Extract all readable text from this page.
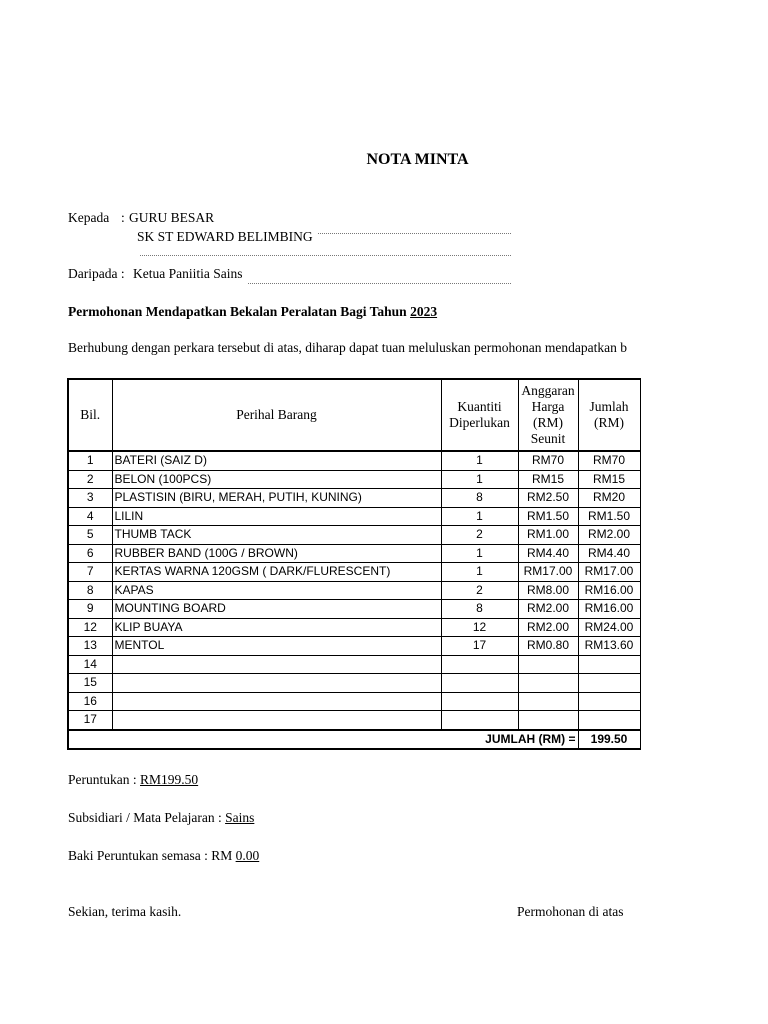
NOTA MINTA
Kepada : GURU BESAR
SK ST EDWARD BELIMBING
Daripada : Ketua Paniitia Sains
Permohonan Mendapatkan Bekalan Peralatan Bagi Tahun 2023
Berhubung dengan perkara tersebut di atas, diharap dapat tuan meluluskan permohonan mendapatkan b
Bil.	Perihal Barang	Kuantiti Diperlukan	Anggaran Harga (RM) Seunit	Jumlah (RM)
1	BATERI (SAIZ D)	1	RM70	RM70
2	BELON (100PCS)	1	RM15	RM15
3	PLASTISIN (BIRU, MERAH, PUTIH, KUNING)	8	RM2.50	RM20
4	LILIN	1	RM1.50	RM1.50
5	THUMB TACK	2	RM1.00	RM2.00
6	RUBBER BAND (100G / BROWN)	1	RM4.40	RM4.40
7	KERTAS WARNA 120GSM ( DARK/FLURESCENT)	1	RM17.00	RM17.00
8	KAPAS	2	RM8.00	RM16.00
9	MOUNTING BOARD	8	RM2.00	RM16.00
12	KLIP BUAYA	12	RM2.00	RM24.00
13	MENTOL	17	RM0.80	RM13.60
14				
15				
16				
17				
JUMLAH (RM) =				199.50
Peruntukan : RM199.50
Subsidiari / Mata Pelajaran : Sains
Baki Peruntukan semasa : RM 0.00
Sekian, terima kasih.	Permohonan di atas
